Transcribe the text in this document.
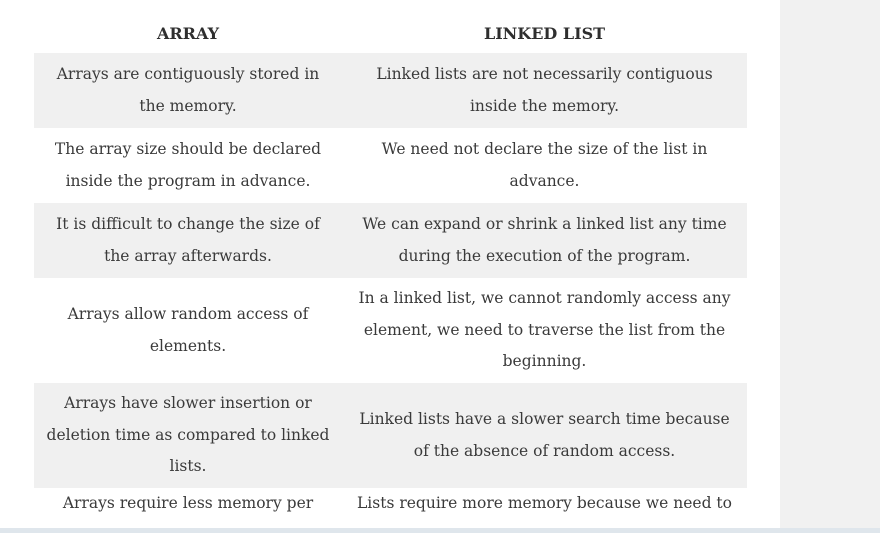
ARRAY	LINKED LIST
Arrays are contiguously stored in the memory.
Linked lists are not necessarily contiguous inside the memory.
The array size should be declared inside the program in advance.
We need not declare the size of the list in advance.
It is difficult to change the size of the array afterwards.
We can expand or shrink a linked list any time during the execution of the program.
Arrays allow random access of elements.
In a linked list, we cannot randomly access any element, we need to traverse the list from the beginning.
Arrays have slower insertion or deletion time as compared to linked lists.
Linked lists have a slower search time because of the absence of random access.
Arrays require less memory per	Lists require more memory because we need to
